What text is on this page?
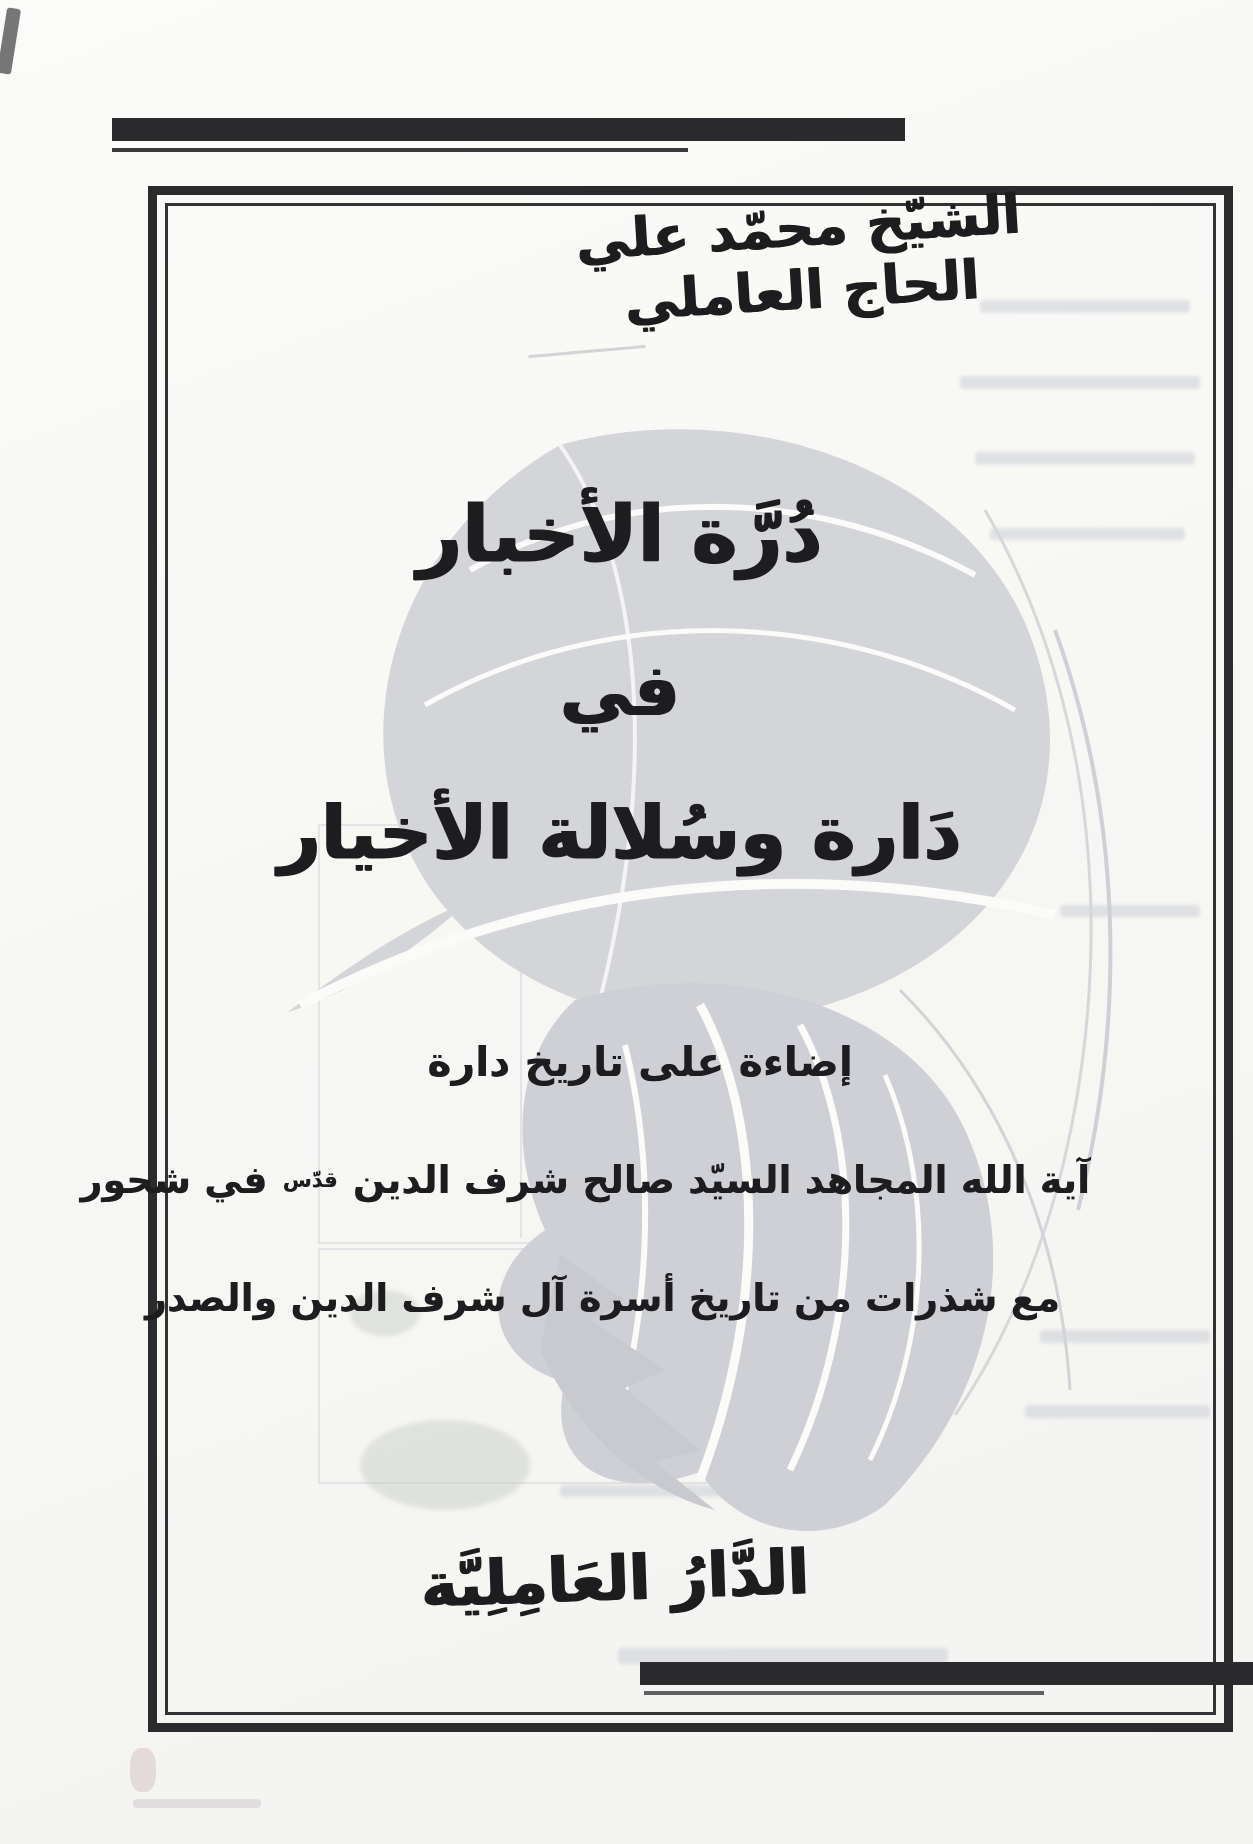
الشيّخ محمّد علي الحاج العاملي
دُرَّة الأخبار
في
دَارة وسُلالة الأخيار
إضاءة على تاريخ دارة
آية الله المجاهد السيّد صالح شرف الدين قدّس في شحور
مع شذرات من تاريخ أسرة آل شرف الدين والصدر
الدَّارُ العَامِلِيَّة
